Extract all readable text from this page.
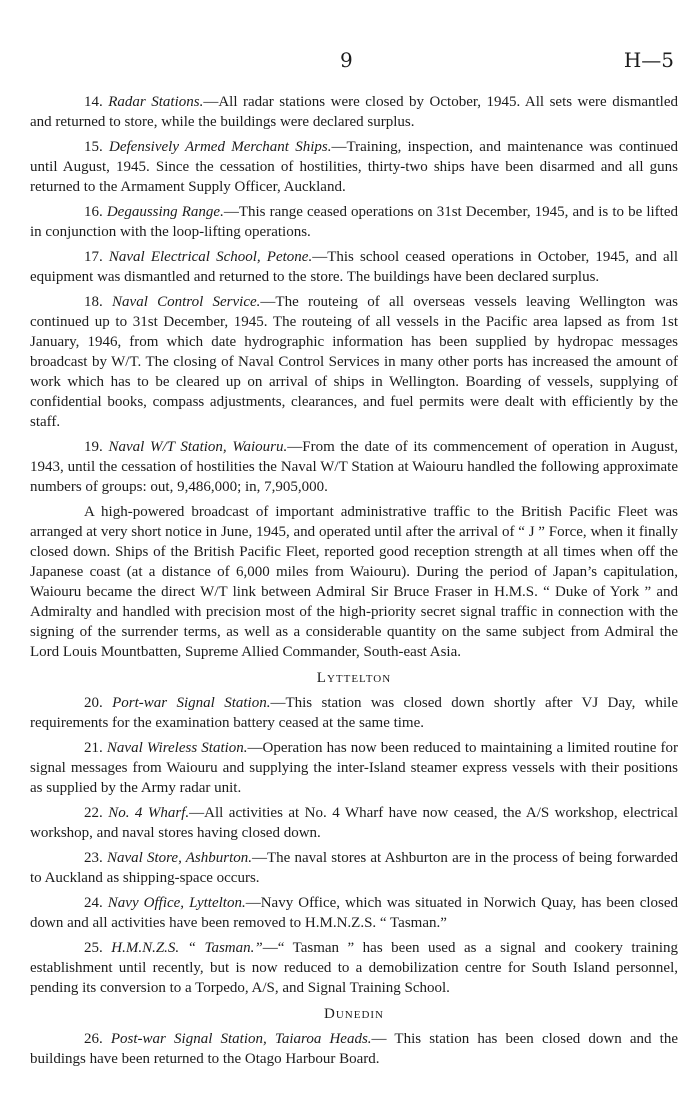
9	H—5

14. Radar Stations.—All radar stations were closed by October, 1945. All sets were dismantled and returned to store, while the buildings were declared surplus.

15. Defensively Armed Merchant Ships.—Training, inspection, and maintenance was continued until August, 1945. Since the cessation of hostilities, thirty-two ships have been disarmed and all guns returned to the Armament Supply Officer, Auckland.

16. Degaussing Range.—This range ceased operations on 31st December, 1945, and is to be lifted in conjunction with the loop-lifting operations.

17. Naval Electrical School, Petone.—This school ceased operations in October, 1945, and all equipment was dismantled and returned to the store. The buildings have been declared surplus.

18. Naval Control Service.—The routeing of all overseas vessels leaving Wellington was continued up to 31st December, 1945. The routeing of all vessels in the Pacific area lapsed as from 1st January, 1946, from which date hydrographic information has been supplied by hydropac messages broadcast by W/T. The closing of Naval Control Services in many other ports has increased the amount of work which has to be cleared up on arrival of ships in Wellington. Boarding of vessels, supplying of confidential books, compass adjustments, clearances, and fuel permits were dealt with efficiently by the staff.

19. Naval W/T Station, Waiouru.—From the date of its commencement of operation in August, 1943, until the cessation of hostilities the Naval W/T Station at Waiouru handled the following approximate numbers of groups: out, 9,486,000; in, 7,905,000.

A high-powered broadcast of important administrative traffic to the British Pacific Fleet was arranged at very short notice in June, 1945, and operated until after the arrival of “ J ” Force, when it finally closed down. Ships of the British Pacific Fleet, reported good reception strength at all times when off the Japanese coast (at a distance of 6,000 miles from Waiouru). During the period of Japan’s capitulation, Waiouru became the direct W/T link between Admiral Sir Bruce Fraser in H.M.S. “ Duke of York ” and Admiralty and handled with precision most of the high-priority secret signal traffic in connection with the signing of the surrender terms, as well as a considerable quantity on the same subject from Admiral the Lord Louis Mountbatten, Supreme Allied Commander, South-east Asia.

Lyttelton

20. Port-war Signal Station.—This station was closed down shortly after VJ Day, while requirements for the examination battery ceased at the same time.

21. Naval Wireless Station.—Operation has now been reduced to maintaining a limited routine for signal messages from Waiouru and supplying the inter-Island steamer express vessels with their positions as supplied by the Army radar unit.

22. No. 4 Wharf.—All activities at No. 4 Wharf have now ceased, the A/S workshop, electrical workshop, and naval stores having closed down.

23. Naval Store, Ashburton.—The naval stores at Ashburton are in the process of being forwarded to Auckland as shipping-space occurs.

24. Navy Office, Lyttelton.—Navy Office, which was situated in Norwich Quay, has been closed down and all activities have been removed to H.M.N.Z.S. “ Tasman.”

25. H.M.N.Z.S. “ Tasman.”—“ Tasman ” has been used as a signal and cookery training establishment until recently, but is now reduced to a demobilization centre for South Island personnel, pending its conversion to a Torpedo, A/S, and Signal Training School.

Dunedin

26. Post-war Signal Station, Taiaroa Heads.— This station has been closed down and the buildings have been returned to the Otago Harbour Board.
